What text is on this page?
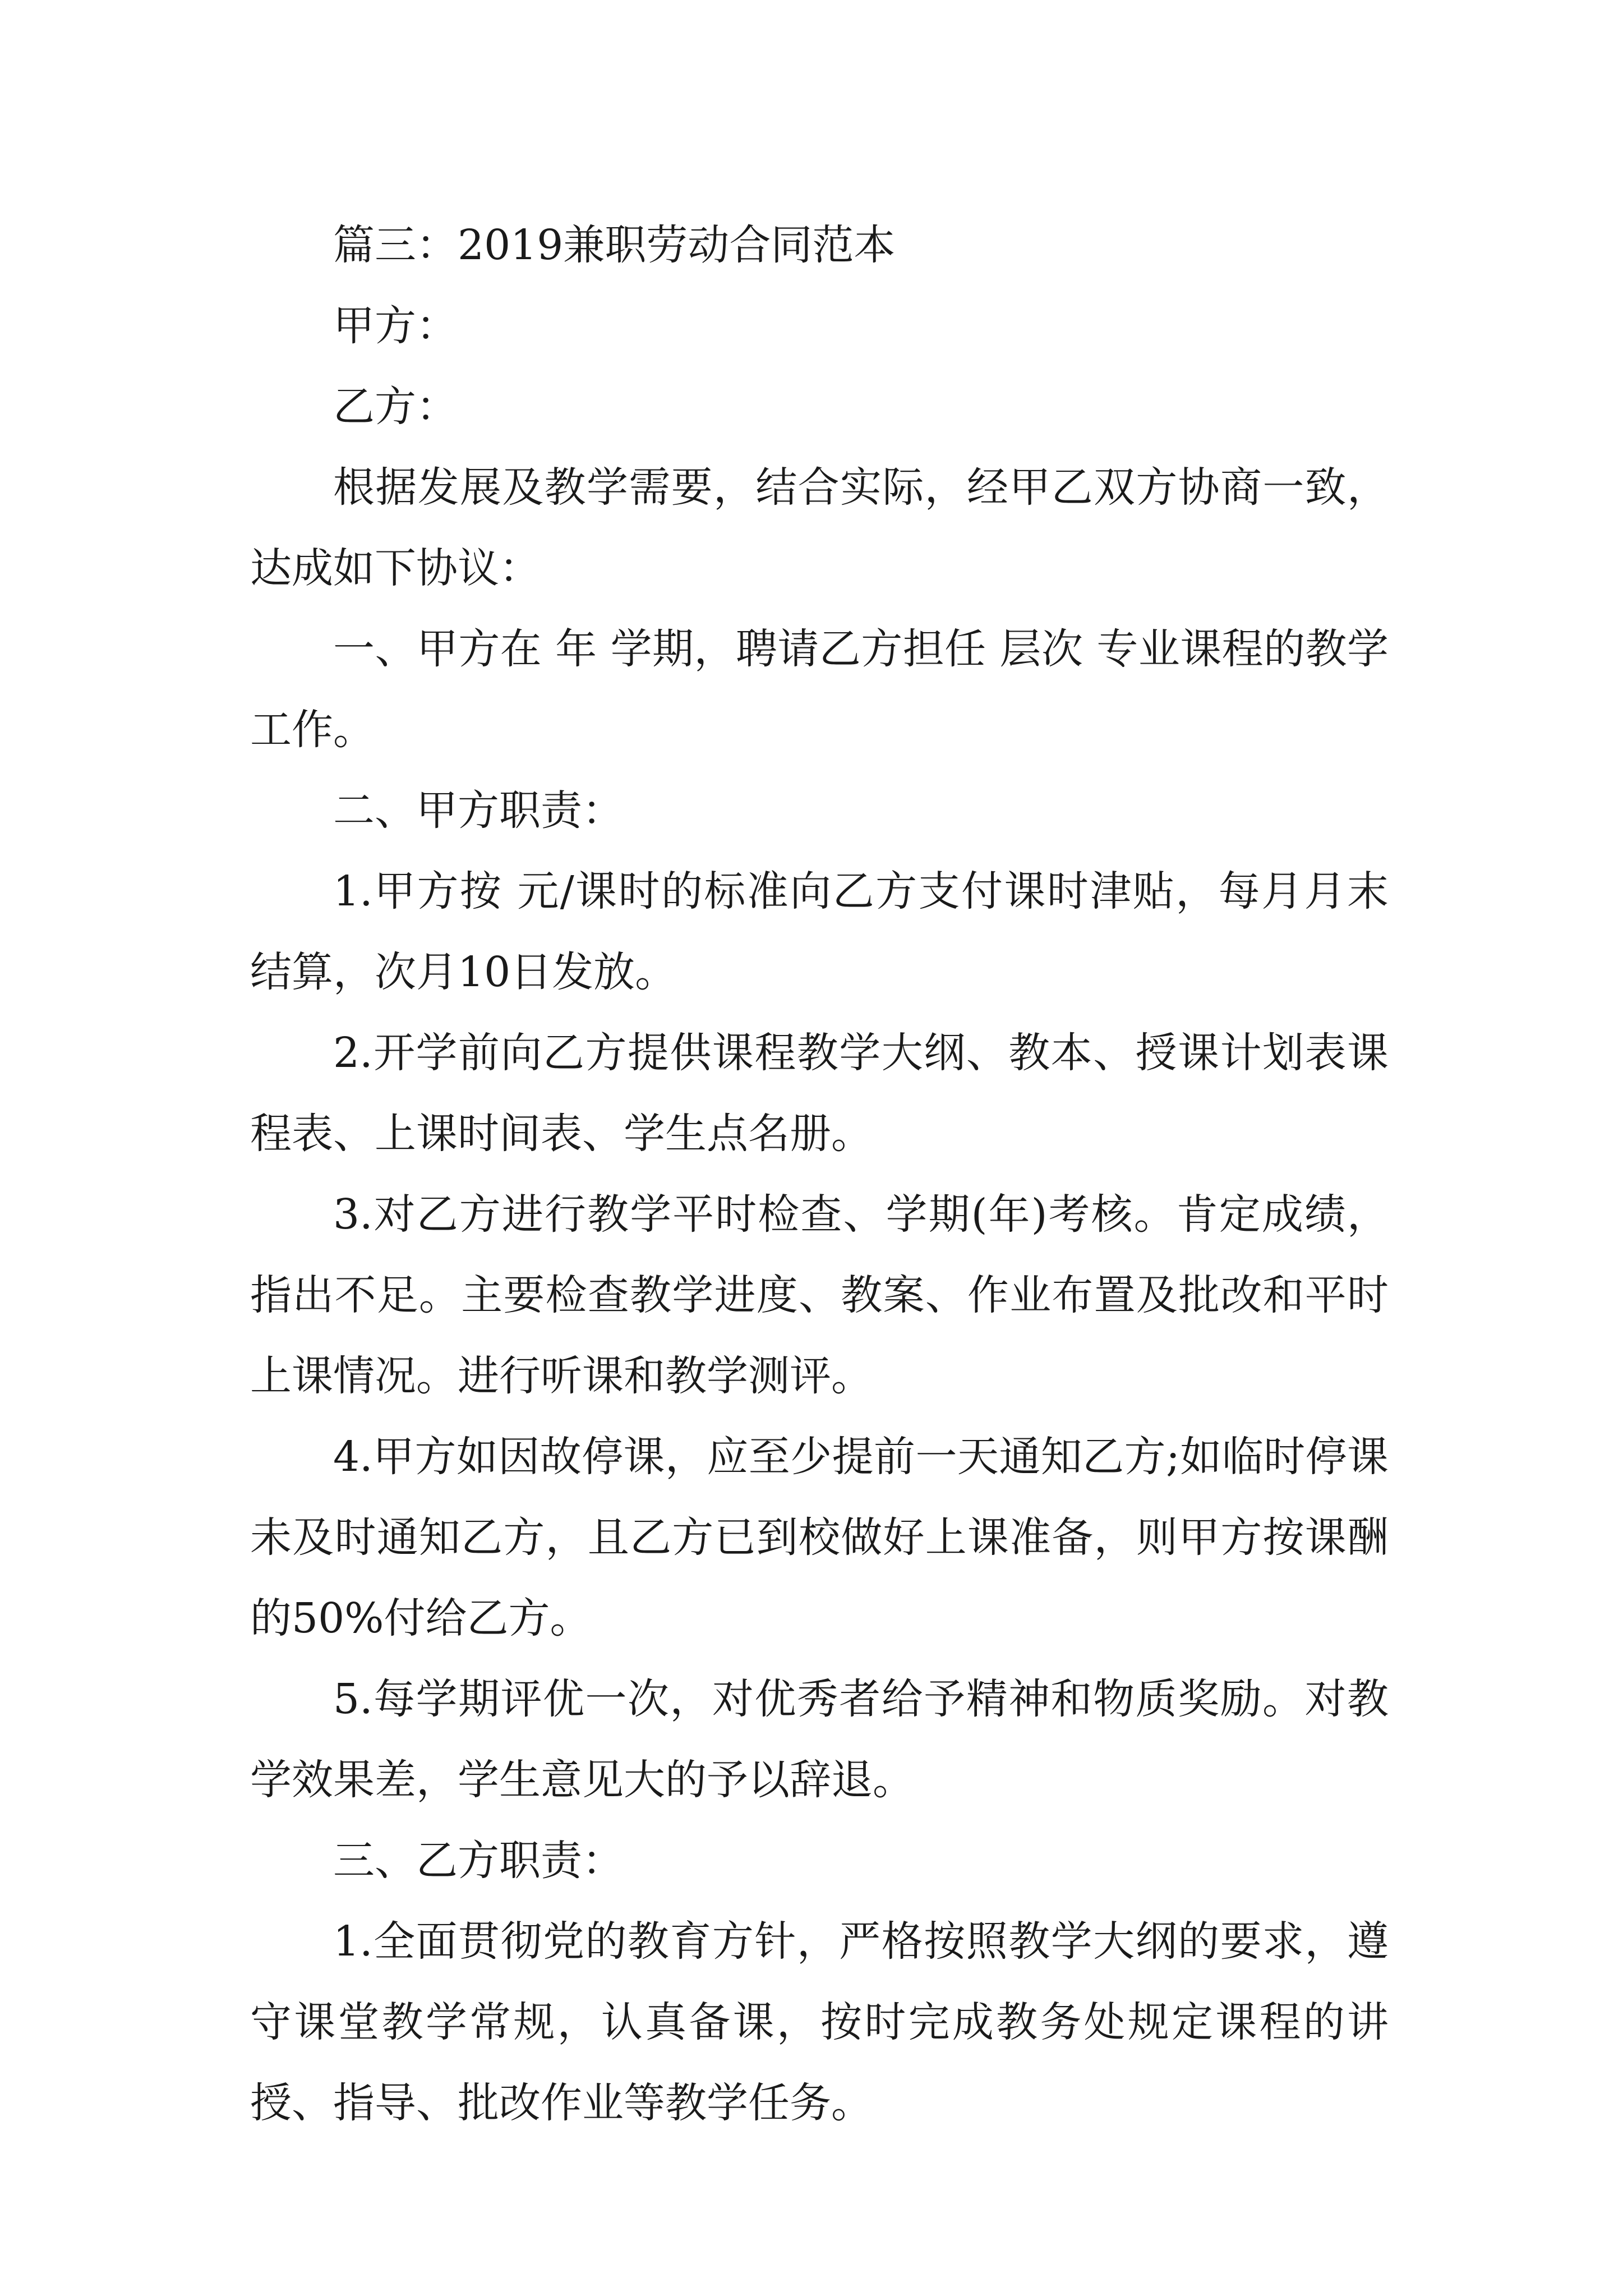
篇三：2019兼职劳动合同范本

甲方：

乙方：

根据发展及教学需要，结合实际，经甲乙双方协商一致，达成如下协议：

一、甲方在 年 学期，聘请乙方担任 层次 专业课程的教学工作。

二、甲方职责：

1.甲方按 元/课时的标准向乙方支付课时津贴，每月月末结算，次月10日发放。

2.开学前向乙方提供课程教学大纲、教本、授课计划表课程表、上课时间表、学生点名册。

3.对乙方进行教学平时检查、学期(年)考核。肯定成绩，指出不足。主要检查教学进度、教案、作业布置及批改和平时上课情况。进行听课和教学测评。

4.甲方如因故停课，应至少提前一天通知乙方;如临时停课未及时通知乙方，且乙方已到校做好上课准备，则甲方按课酬的50%付给乙方。

5.每学期评优一次，对优秀者给予精神和物质奖励。对教学效果差，学生意见大的予以辞退。

三、乙方职责：

1.全面贯彻党的教育方针，严格按照教学大纲的要求，遵守课堂教学常规，认真备课，按时完成教务处规定课程的讲授、指导、批改作业等教学任务。
